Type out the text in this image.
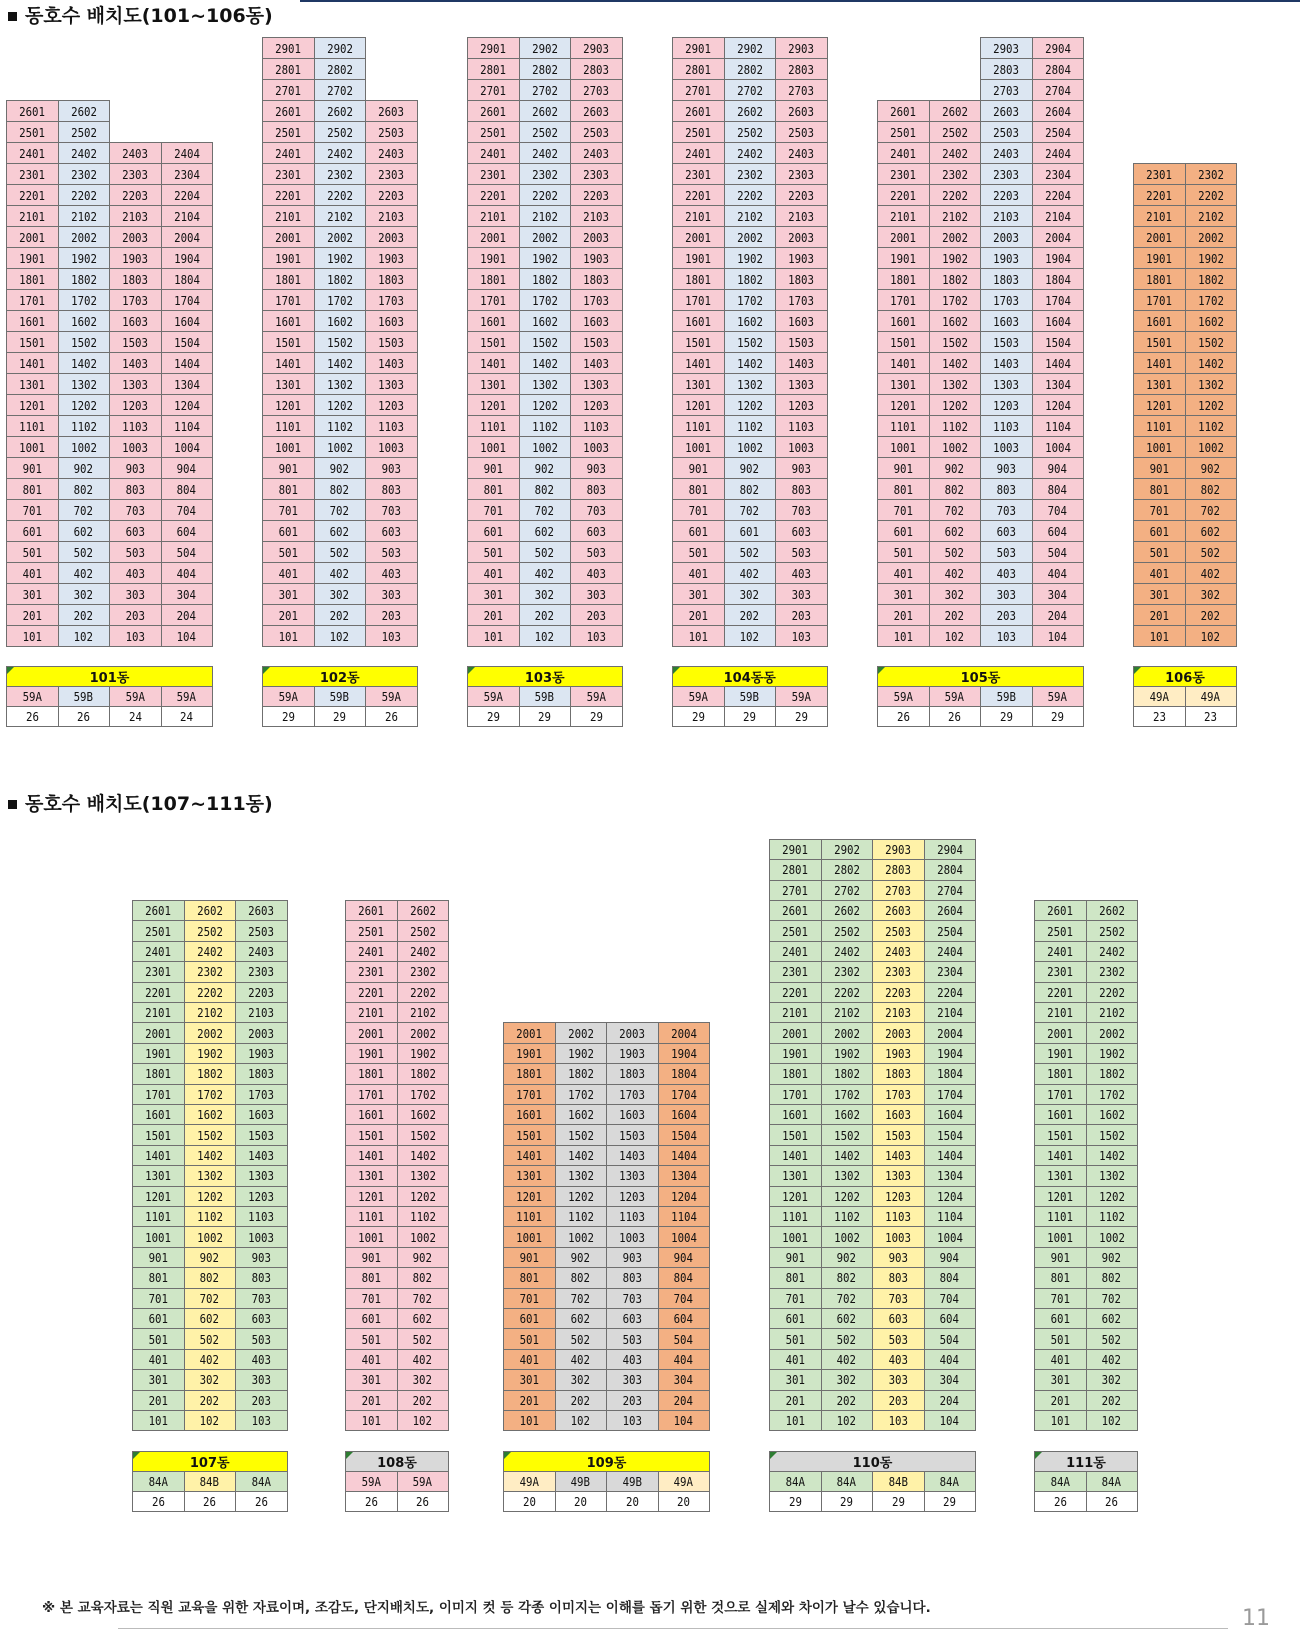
동호수 배치도(101~106동)
동호수 배치도(107~111동)
101
201
301
401
501
601
701
801
901
1001
1101
1201
1301
1401
1501
1601
1701
1801
1901
2001
2101
2201
2301
2401
2501
2601
102
202
302
402
502
602
702
802
902
1002
1102
1202
1302
1402
1502
1602
1702
1802
1902
2002
2102
2202
2302
2402
2502
2602
103
203
303
403
503
603
703
803
903
1003
1103
1203
1303
1403
1503
1603
1703
1803
1903
2003
2103
2203
2303
2403
104
204
304
404
504
604
704
804
904
1004
1104
1204
1304
1404
1504
1604
1704
1804
1904
2004
2104
2204
2304
2404
101동
59A
26
59B
26
59A
24
59A
24
101
201
301
401
501
601
701
801
901
1001
1101
1201
1301
1401
1501
1601
1701
1801
1901
2001
2101
2201
2301
2401
2501
2601
2701
2801
2901
102
202
302
402
502
602
702
802
902
1002
1102
1202
1302
1402
1502
1602
1702
1802
1902
2002
2102
2202
2302
2402
2502
2602
2702
2802
2902
103
203
303
403
503
603
703
803
903
1003
1103
1203
1303
1403
1503
1603
1703
1803
1903
2003
2103
2203
2303
2403
2503
2603
102동
59A
29
59B
29
59A
26
101
201
301
401
501
601
701
801
901
1001
1101
1201
1301
1401
1501
1601
1701
1801
1901
2001
2101
2201
2301
2401
2501
2601
2701
2801
2901
102
202
302
402
502
602
702
802
902
1002
1102
1202
1302
1402
1502
1602
1702
1802
1902
2002
2102
2202
2302
2402
2502
2602
2702
2802
2902
103
203
303
403
503
603
703
803
903
1003
1103
1203
1303
1403
1503
1603
1703
1803
1903
2003
2103
2203
2303
2403
2503
2603
2703
2803
2903
103동
59A
29
59B
29
59A
29
101
201
301
401
501
601
701
801
901
1001
1101
1201
1301
1401
1501
1601
1701
1801
1901
2001
2101
2201
2301
2401
2501
2601
2701
2801
2901
102
202
302
402
502
601
702
802
902
1002
1102
1202
1302
1402
1502
1602
1702
1802
1902
2002
2102
2202
2302
2402
2502
2602
2702
2802
2902
103
203
303
403
503
603
703
803
903
1003
1103
1203
1303
1403
1503
1603
1703
1803
1903
2003
2103
2203
2303
2403
2503
2603
2703
2803
2903
104동동
59A
29
59B
29
59A
29
101
201
301
401
501
601
701
801
901
1001
1101
1201
1301
1401
1501
1601
1701
1801
1901
2001
2101
2201
2301
2401
2501
2601
102
202
302
402
502
602
702
802
902
1002
1102
1202
1302
1402
1502
1602
1702
1802
1902
2002
2102
2202
2302
2402
2502
2602
103
203
303
403
503
603
703
803
903
1003
1103
1203
1303
1403
1503
1603
1703
1803
1903
2003
2103
2203
2303
2403
2503
2603
2703
2803
2903
104
204
304
404
504
604
704
804
904
1004
1104
1204
1304
1404
1504
1604
1704
1804
1904
2004
2104
2204
2304
2404
2504
2604
2704
2804
2904
105동
59A
26
59A
26
59B
29
59A
29
101
201
301
401
501
601
701
801
901
1001
1101
1201
1301
1401
1501
1601
1701
1801
1901
2001
2101
2201
2301
102
202
302
402
502
602
702
802
902
1002
1102
1202
1302
1402
1502
1602
1702
1802
1902
2002
2102
2202
2302
106동
49A
23
49A
23
101
201
301
401
501
601
701
801
901
1001
1101
1201
1301
1401
1501
1601
1701
1801
1901
2001
2101
2201
2301
2401
2501
2601
102
202
302
402
502
602
702
802
902
1002
1102
1202
1302
1402
1502
1602
1702
1802
1902
2002
2102
2202
2302
2402
2502
2602
103
203
303
403
503
603
703
803
903
1003
1103
1203
1303
1403
1503
1603
1703
1803
1903
2003
2103
2203
2303
2403
2503
2603
107동
84A
26
84B
26
84A
26
101
201
301
401
501
601
701
801
901
1001
1101
1201
1301
1401
1501
1601
1701
1801
1901
2001
2101
2201
2301
2401
2501
2601
102
202
302
402
502
602
702
802
902
1002
1102
1202
1302
1402
1502
1602
1702
1802
1902
2002
2102
2202
2302
2402
2502
2602
108동
59A
26
59A
26
101
201
301
401
501
601
701
801
901
1001
1101
1201
1301
1401
1501
1601
1701
1801
1901
2001
102
202
302
402
502
602
702
802
902
1002
1102
1202
1302
1402
1502
1602
1702
1802
1902
2002
103
203
303
403
503
603
703
803
903
1003
1103
1203
1303
1403
1503
1603
1703
1803
1903
2003
104
204
304
404
504
604
704
804
904
1004
1104
1204
1304
1404
1504
1604
1704
1804
1904
2004
109동
49A
20
49B
20
49B
20
49A
20
101
201
301
401
501
601
701
801
901
1001
1101
1201
1301
1401
1501
1601
1701
1801
1901
2001
2101
2201
2301
2401
2501
2601
2701
2801
2901
102
202
302
402
502
602
702
802
902
1002
1102
1202
1302
1402
1502
1602
1702
1802
1902
2002
2102
2202
2302
2402
2502
2602
2702
2802
2902
103
203
303
403
503
603
703
803
903
1003
1103
1203
1303
1403
1503
1603
1703
1803
1903
2003
2103
2203
2303
2403
2503
2603
2703
2803
2903
104
204
304
404
504
604
704
804
904
1004
1104
1204
1304
1404
1504
1604
1704
1804
1904
2004
2104
2204
2304
2404
2504
2604
2704
2804
2904
110동
84A
29
84A
29
84B
29
84A
29
101
201
301
401
501
601
701
801
901
1001
1101
1201
1301
1401
1501
1601
1701
1801
1901
2001
2101
2201
2301
2401
2501
2601
102
202
302
402
502
602
702
802
902
1002
1102
1202
1302
1402
1502
1602
1702
1802
1902
2002
2102
2202
2302
2402
2502
2602
111동
84A
26
84A
26
※ 본 교육자료는 직원 교육을 위한 자료이며, 조감도, 단지배치도, 이미지 컷 등 각종 이미지는 이해를 돕기 위한 것으로 실제와 차이가 날수 있습니다.	11
